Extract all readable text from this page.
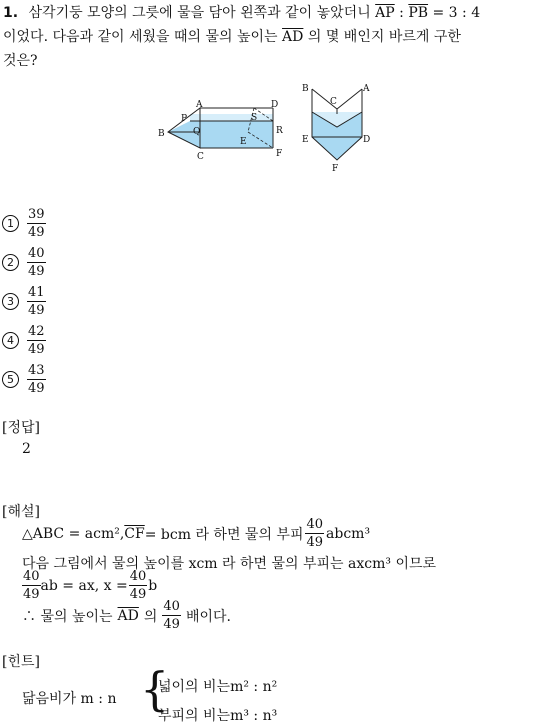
1. 삼각기둥 모양의 그릇에 물을 담아 왼쪽과 같이 놓았더니 $\overline{AP}$ : $\overline{PB} = 3$ : 4
이었다. 다음과 같이 세웠을 때의 물의 높이는 $\overline{AD}$ 의 몇 배인지 바르게 구한
것은?
A	D
P	S
B	Q	R
E
C	F
B	A
C
E	D
F
1	$\frac{39}{49}$
2	$\frac{40}{49}$
3	$\frac{41}{49}$
4	$\frac{42}{49}$
5	$\frac{43}{49}$
[정답]
2
[해설]
△ABC = acm², $\overline{CF}$ = bcm 라 하면 물의 부피 $\frac{40}{49}$ abcm³
다음 그림에서 물의 높이를 xcm 라 하면 물의 부피는 axcm³ 이므로
$\frac{40}{49}$ ab = ax, $x = \frac{40}{49}$ b
∴ 물의 높이는 $\overline{AD}$ 의 $\frac{40}{49}$ 배이다.
[힌트]
닮음비가 m : n {
넓이의 비는m² : n²
부피의 비는m³ : n³
